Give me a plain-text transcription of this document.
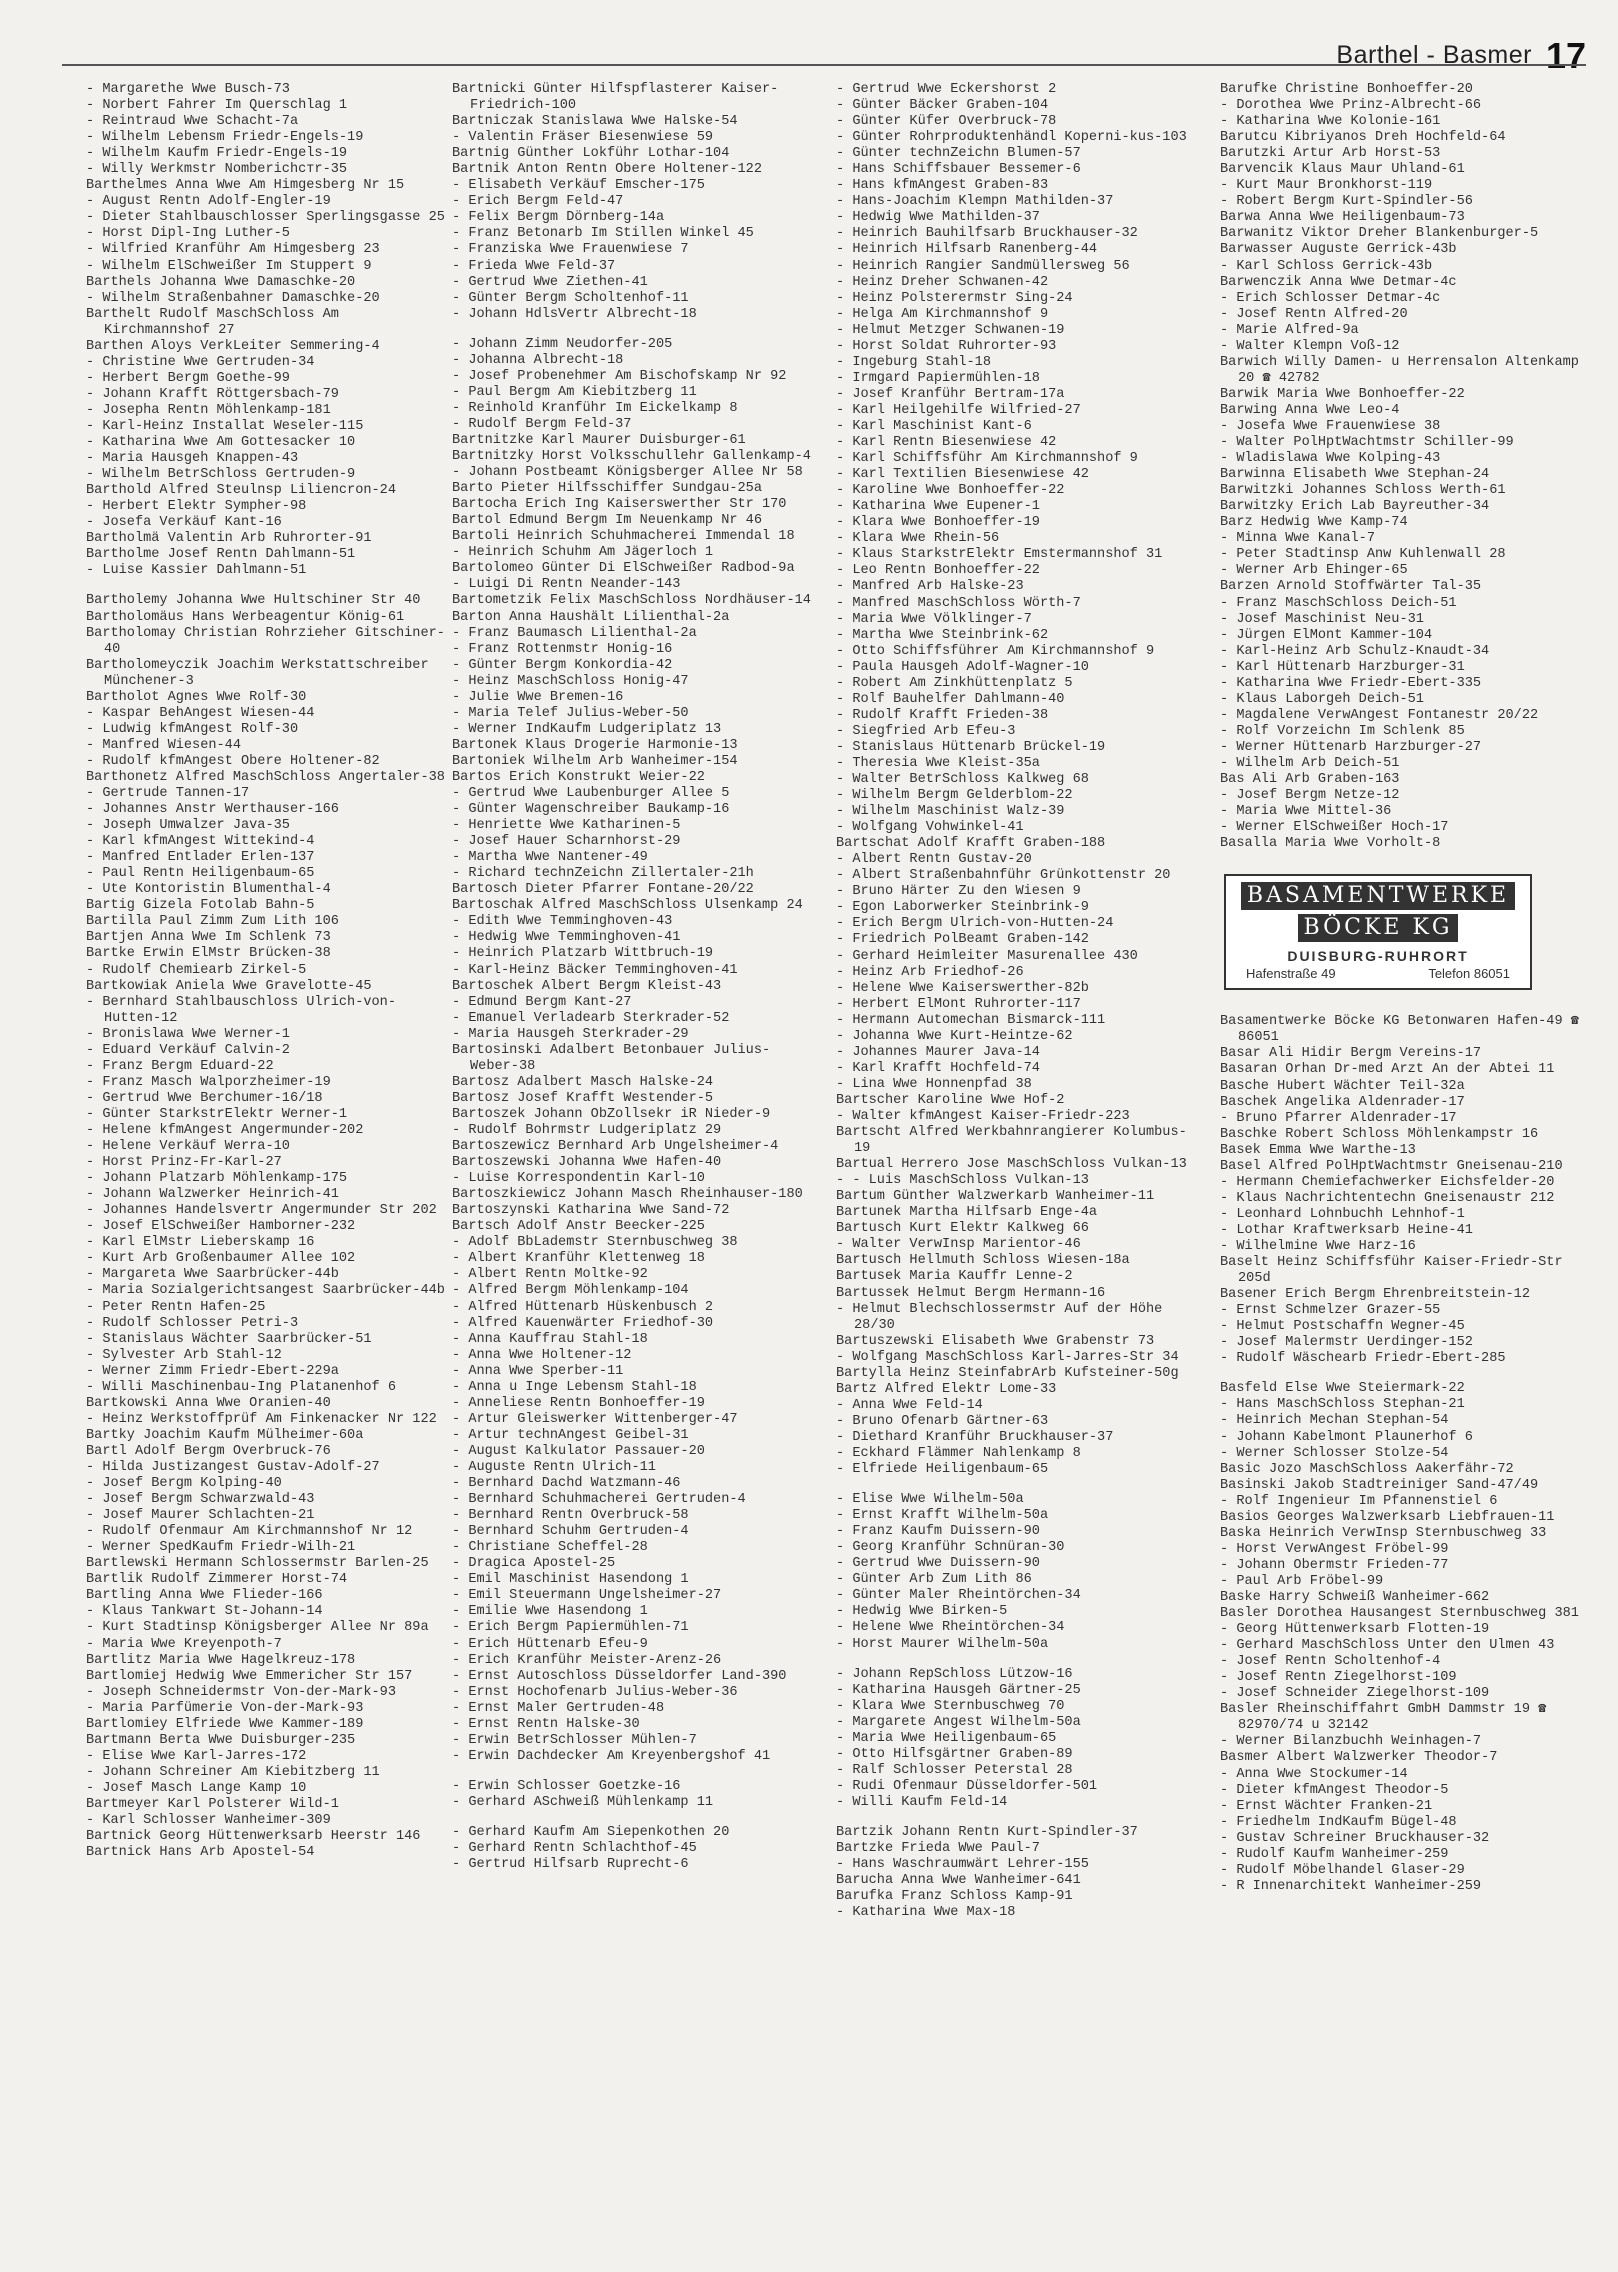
Barthel - Basmer 17
- Margarethe Wwe Busch-73
- Norbert Fahrer Im Querschlag 1
- Reintraud Wwe Schacht-7a
- Wilhelm Lebensm Friedr-Engels-19
- Wilhelm Kaufm Friedr-Engels-19
- Willy Werkmstr Nomberichстr-35
Barthelmes Anna Wwe Am Himgesberg Nr 15
- August Rentn Adolf-Engler-19
- Dieter Stahlbauschlosser Sperlingsgasse 25
- Horst Dipl-Ing Luther-5
- Wilfried Kranführ Am Himgesberg 23
- Wilhelm ElSchweißer Im Stuppert 9
Barthels Johanna Wwe Damaschke-20
- Wilhelm Straßenbahner Damaschke-20
Barthelt Rudolf MaschSchloss Am Kirchmannshof 27
Barthen Aloys VerkLeiter Semmering-4
- Christine Wwe Gertruden-34
- Herbert Bergm Goethe-99
- Johann Krafft Röttgersbach-79
- Josepha Rentn Möhlenkamp-181
- Karl-Heinz Installat Weseler-115
- Katharina Wwe Am Gottesacker 10
- Maria Hausgeh Knappen-43
- Wilhelm BetrSchloss Gertruden-9
Barthold Alfred Steulnsp Liliencron-24
- Herbert Elektr Sympher-98
- Josefa Verkäuf Kant-16
Bartholmä Valentin Arb Ruhrorter-91
Bartholme Josef Rentn Dahlmann-51
- Luise Kassier Dahlmann-51
Bartholemy Johanna Wwe Hultschiner Str 40
Bartholomäus Hans Werbeagentur König-61
Bartholomay Christian Rohrzieher Gitschiner-40
Bartholomeyczik Joachim Werkstattschreiber Münchener-3
Bartholot Agnes Wwe Rolf-30
- Kaspar BehAngest Wiesen-44
- Ludwig kfmAngest Rolf-30
- Manfred Wiesen-44
- Rudolf kfmAngest Obere Holtener-82
Barthonetz Alfred MaschSchloss Angertaler-38
- Gertrude Tannen-17
- Johannes Anstr Werthauser-166
- Joseph Umwalzer Java-35
- Karl kfmAngest Wittekind-4
- Manfred Entlader Erlen-137
- Paul Rentn Heiligenbaum-65
- Ute Kontoristin Blumenthal-4
Bartig Gizela Fotolab Bahn-5
Bartilla Paul Zimm Zum Lith 106
Bartjen Anna Wwe Im Schlenk 73
Bartke Erwin ElMstr Brücken-38
- Rudolf Chemiearb Zirkel-5
Bartkowiak Aniela Wwe Gravelotte-45
- Bernhard Stahlbauschloss Ulrich-von-Hutten-12
- Bronislawa Wwe Werner-1
- Eduard Verkäuf Calvin-2
- Franz Bergm Eduard-22
- Franz Masch Walporzheimer-19
- Gertrud Wwe Berchumer-16/18
- Günter StarkstrElektr Werner-1
- Helene kfmAngest Angermunder-202
- Helene Verkäuf Werra-10
- Horst Prinz-Fr-Karl-27
- Johann Platzarb Möhlenkamp-175
- Johann Walzwerker Heinrich-41
- Johannes Handelsvertr Angermunder Str 202
- Josef ElSchweißer Hamborner-232
- Karl ElMstr Lieberskamp 16
- Kurt Arb Großenbaumer Allee 102
- Margareta Wwe Saarbrücker-44b
- Maria Sozialgerichtsangest Saarbrücker-44b
- Peter Rentn Hafen-25
- Rudolf Schlosser Petri-3
- Stanislaus Wächter Saarbrücker-51
- Sylvester Arb Stahl-12
- Werner Zimm Friedr-Ebert-229a
- Willi Maschinenbau-Ing Platanenhof 6
Bartkowski Anna Wwe Oranien-40
- Heinz Werkstoffprüf Am Finkenacker Nr 122
Bartky Joachim Kaufm Mülheimer-60a
Bartl Adolf Bergm Overbruck-76
- Hilda Justizangest Gustav-Adolf-27
- Josef Bergm Kolping-40
- Josef Bergm Schwarzwald-43
- Josef Maurer Schlachten-21
- Rudolf Ofenmaur Am Kirchmannshof Nr 12
- Werner SpedKaufm Friedr-Wilh-21
Bartlewski Hermann Schlossermstr Barlen-25
Bartlik Rudolf Zimmerer Horst-74
Bartling Anna Wwe Flieder-166
- Klaus Tankwart St-Johann-14
- Kurt Stadtinsp Königsberger Allee Nr 89a
- Maria Wwe Kreyenpoth-7
Bartlitz Maria Wwe Hagelkreuz-178
Bartlomiej Hedwig Wwe Emmericher Str 157
- Joseph Schneidermstr Von-der-Mark-93
- Maria Parfümerie Von-der-Mark-93
Bartlomiey Elfriede Wwe Kammer-189
Bartmann Berta Wwe Duisburger-235
- Elise Wwe Karl-Jarres-172
- Johann Schreiner Am Kiebitzberg 11
- Josef Masch Lange Kamp 10
Bartmeyer Karl Polsterer Wild-1
- Karl Schlosser Wanheimer-309
Bartnick Georg Hüttenwerksarb Heerstr 146
Bartnick Hans Arb Apostel-54
Bartnicki Günter Hilfspflasterer Kaiser-Friedrich-100
Bartniczak Stanislawa Wwe Halske-54
- Valentin Fräser Biesenwiese 59
Bartnig Günther Lokführ Lothar-104
Bartnik Anton Rentn Obere Holtener-122
- Elisabeth Verkäuf Emscher-175
- Erich Bergm Feld-47
- Felix Bergm Dörnberg-14a
- Franz Betonarb Im Stillen Winkel 45
- Franziska Wwe Frauenwiese 7
- Frieda Wwe Feld-37
- Gertrud Wwe Ziethen-41
- Günter Bergm Scholtenhof-11
- Johann HdlsVertr Albrecht-18
- Johann Zimm Neudorfer-205
- Johanna Albrecht-18
- Josef Probenehmer Am Bischofskamp Nr 92
- Paul Bergm Am Kiebitzberg 11
- Reinhold Kranführ Im Eickelkamp 8
- Rudolf Bergm Feld-37
Bartnitzke Karl Maurer Duisburger-61
Bartnitzky Horst Volksschullehr Gallenkamp-4
- Johann Postbeamt Königsberger Allee Nr 58
Barto Pieter Hilfsschiffer Sundgau-25a
Bartocha Erich Ing Kaiserswerther Str 170
Bartol Edmund Bergm Im Neuenkamp Nr 46
Bartoli Heinrich Schuhmacherei Immendal 18
- Heinrich Schuhm Am Jägerloch 1
Bartolomeo Günter Di ElSchweißer Radbod-9a
- Luigi Di Rentn Neander-143
Bartometzik Felix MaschSchloss Nordhäuser-14
Barton Anna Haushält Lilienthal-2a
- Franz Baumasch Lilienthal-2a
- Franz Rottenmstr Honig-16
- Günter Bergm Konkordia-42
- Heinz MaschSchloss Honig-47
- Julie Wwe Bremen-16
- Maria Telef Julius-Weber-50
- Werner IndKaufm Ludgeriplatz 13
Bartonek Klaus Drogerie Harmonie-13
Bartoniek Wilhelm Arb Wanheimer-154
Bartos Erich Konstrukt Weier-22
- Gertrud Wwe Laubenburger Allee 5
- Günter Wagenschreiber Baukamp-16
- Henriette Wwe Katharinen-5
- Josef Hauer Scharnhorst-29
- Martha Wwe Nantener-49
- Richard technZeichn Zillertaler-21h
Bartosch Dieter Pfarrer Fontane-20/22
Bartoschak Alfred MaschSchloss Ulsenkamp 24
- Edith Wwe Temminghoven-43
- Hedwig Wwe Temminghoven-41
- Heinrich Platzarb Wittbruch-19
- Karl-Heinz Bäcker Temminghoven-41
Bartoschek Albert Bergm Kleist-43
- Edmund Bergm Kant-27
- Emanuel Verladearb Sterkrader-52
- Maria Hausgeh Sterkrader-29
Bartosinski Adalbert Betonbauer Julius-Weber-38
Bartosz Adalbert Masch Halske-24
Bartosz Josef Krafft Westender-5
Bartoszek Johann ObZollsekr iR Nieder-9
- Rudolf Bohrmstr Ludgeriplatz 29
Bartoszewicz Bernhard Arb Ungelsheimer-4
Bartoszewski Johanna Wwe Hafen-40
- Luise Korrespondentin Karl-10
Bartoszkiewicz Johann Masch Rheinhauser-180
Bartoszynski Katharina Wwe Sand-72
Bartsch Adolf Anstr Beecker-225
- Adolf BbLademstr Sternbuschweg 38
- Albert Kranführ Klettenweg 18
- Albert Rentn Moltke-92
- Alfred Bergm Möhlenkamp-104
- Alfred Hüttenarb Hüskenbusch 2
- Alfred Kauenwärter Friedhof-30
- Anna Kauffrau Stahl-18
- Anna Wwe Holtener-12
- Anna Wwe Sperber-11
- Anna u Inge Lebensm Stahl-18
- Anneliese Rentn Bonhoeffer-19
- Artur Gleiswerker Wittenberger-47
- Artur technAngest Geibel-31
- August Kalkulator Passauer-20
- Auguste Rentn Ulrich-11
- Bernhard Dachd Watzmann-46
- Bernhard Schuhmacherei Gertruden-4
- Bernhard Rentn Overbruck-58
- Bernhard Schuhm Gertruden-4
- Christiane Scheffel-28
- Dragica Apostel-25
- Emil Maschinist Hasendong 1
- Emil Steuermann Ungelsheimer-27
- Emilie Wwe Hasendong 1
- Erich Bergm Papiermühlen-71
- Erich Hüttenarb Efeu-9
- Erich Kranführ Meister-Arenz-26
- Ernst Autoschloss Düsseldorfer Land-390
- Ernst Hochofenarb Julius-Weber-36
- Ernst Maler Gertruden-48
- Ernst Rentn Halske-30
- Erwin BetrSchlosser Mühlen-7
- Erwin Dachdecker Am Kreyenbergshof 41
- Erwin Schlosser Goetzke-16
- Gerhard ASchweiß Mühlenkamp 11
- Gerhard Kaufm Am Siepenkothen 20
- Gerhard Rentn Schlachthof-45
- Gertrud Hilfsarb Ruprecht-6
- Gertrud Wwe Eckershorst 2
- Günter Bäcker Graben-104
- Günter Küfer Overbruck-78
- Günter Rohrproduktenhändl Koperni-kus-103
- Günter technZeichn Blumen-57
- Hans Schiffsbauer Bessemer-6
- Hans kfmAngest Graben-83
- Hans-Joachim Klempn Mathilden-37
- Hedwig Wwe Mathilden-37
- Heinrich Bauhilfsarb Bruckhauser-32
- Heinrich Hilfsarb Ranenberg-44
- Heinrich Rangier Sandmüllersweg 56
- Heinz Dreher Schwanen-42
- Heinz Polsterermstr Sing-24
- Helga Am Kirchmannshof 9
- Helmut Metzger Schwanen-19
- Horst Soldat Ruhrorter-93
- Ingeburg Stahl-18
- Irmgard Papiermühlen-18
- Josef Kranführ Bertram-17a
- Karl Heilgehilfe Wilfried-27
- Karl Maschinist Kant-6
- Karl Rentn Biesenwiese 42
- Karl Schiffsführ Am Kirchmannshof 9
- Karl Textilien Biesenwiese 42
- Karoline Wwe Bonhoeffer-22
- Katharina Wwe Eupener-1
- Klara Wwe Bonhoeffer-19
- Klara Wwe Rhein-56
- Klaus StarkstrElektr Emstermannshof 31
- Leo Rentn Bonhoeffer-22
- Manfred Arb Halske-23
- Manfred MaschSchloss Wörth-7
- Maria Wwe Völklinger-7
- Martha Wwe Steinbrink-62
- Otto Schiffsführer Am Kirchmannshof 9
- Paula Hausgeh Adolf-Wagner-10
- Robert Am Zinkhüttenplatz 5
- Rolf Bauhelfer Dahlmann-40
- Rudolf Krafft Frieden-38
- Siegfried Arb Efeu-3
- Stanislaus Hüttenarb Brückel-19
- Theresia Wwe Kleist-35a
- Walter BetrSchloss Kalkweg 68
- Wilhelm Bergm Gelderblom-22
- Wilhelm Maschinist Walz-39
- Wolfgang Vohwinkel-41
Bartschat Adolf Krafft Graben-188
- Albert Rentn Gustav-20
- Albert Straßenbahnführ Grünkottenstr 20
- Bruno Härter Zu den Wiesen 9
- Egon Laborwerker Steinbrink-9
- Erich Bergm Ulrich-von-Hutten-24
- Friedrich PolBeamt Graben-142
- Gerhard Heimleiter Masurenallee 430
- Heinz Arb Friedhof-26
- Helene Wwe Kaiserswerther-82b
- Herbert ElMont Ruhrorter-117
- Hermann Automechan Bismarck-111
- Johanna Wwe Kurt-Heintze-62
- Johannes Maurer Java-14
- Karl Krafft Hochfeld-74
- Lina Wwe Honnenpfad 38
Bartscher Karoline Wwe Hof-2
- Walter kfmAngest Kaiser-Friedr-223
Bartscht Alfred Werkbahnrangierer Kolumbus-19
Bartual Herrero Jose MaschSchloss Vulkan-13
- - Luis MaschSchloss Vulkan-13
Bartum Günther Walzwerkarb Wanheimer-11
Bartunek Martha Hilfsarb Enge-4a
Bartusch Kurt Elektr Kalkweg 66
- Walter VerwInsp Marientor-46
Bartusch Hellmuth Schloss Wiesen-18a
Bartusek Maria Kauffr Lenne-2
Bartussek Helmut Bergm Hermann-16
- Helmut Blechschlossermstr Auf der Höhe 28/30
Bartuszewski Elisabeth Wwe Grabenstr 73
- Wolfgang MaschSchloss Karl-Jarres-Str 34
Bartylla Heinz SteinfabrArb Kufsteiner-50g
Bartz Alfred Elektr Lome-33
- Anna Wwe Feld-14
- Bruno Ofenarb Gärtner-63
- Diethard Kranführ Bruckhauser-37
- Eckhard Flämmer Nahlenkamp 8
- Elfriede Heiligenbaum-65
- Elise Wwe Wilhelm-50a
- Ernst Krafft Wilhelm-50a
- Franz Kaufm Duissern-90
- Georg Kranführ Schnüran-30
- Gertrud Wwe Duissern-90
- Günter Arb Zum Lith 86
- Günter Maler Rheintörchen-34
- Hedwig Wwe Birken-5
- Helene Wwe Rheintörchen-34
- Horst Maurer Wilhelm-50a
- Johann RepSchloss Lützow-16
- Katharina Hausgeh Gärtner-25
- Klara Wwe Sternbuschweg 70
- Margarete Angest Wilhelm-50a
- Maria Wwe Heiligenbaum-65
- Otto Hilfsgärtner Graben-89
- Ralf Schlosser Peterstal 28
- Rudi Ofenmaur Düsseldorfer-501
- Willi Kaufm Feld-14
Bartzik Johann Rentn Kurt-Spindler-37
Bartzke Frieda Wwe Paul-7
- Hans Waschraumwärt Lehrer-155
Barucha Anna Wwe Wanheimer-641
Barufka Franz Schloss Kamp-91
- Katharina Wwe Max-18
Barufke Christine Bonhoeffer-20
- Dorothea Wwe Prinz-Albrecht-66
- Katharina Wwe Kolonie-161
Barutcu Kibriyanos Dreh Hochfeld-64
Barutzki Artur Arb Horst-53
Barvencik Klaus Maur Uhland-61
- Kurt Maur Bronkhorst-119
- Robert Bergm Kurt-Spindler-56
Barwa Anna Wwe Heiligenbaum-73
Barwanitz Viktor Dreher Blankenburger-5
Barwasser Auguste Gerrick-43b
- Karl Schloss Gerrick-43b
Barwenczik Anna Wwe Detmar-4c
- Erich Schlosser Detmar-4c
- Josef Rentn Alfred-20
- Marie Alfred-9a
- Walter Klempn Voß-12
Barwich Willy Damen- u Herrensalon Altenkamp 20 ☎ 42782
Barwik Maria Wwe Bonhoeffer-22
Barwing Anna Wwe Leo-4
- Josefa Wwe Frauenwiese 38
- Walter PolHptWachtmstr Schiller-99
- Wladislawa Wwe Kolping-43
Barwinna Elisabeth Wwe Stephan-24
Barwitzki Johannes Schloss Werth-61
Barwitzky Erich Lab Bayreuther-34
Barz Hedwig Wwe Kamp-74
- Minna Wwe Kanal-7
- Peter Stadtinsp Anw Kuhlenwall 28
- Werner Arb Ehinger-65
Barzen Arnold Stoffwärter Tal-35
- Franz MaschSchloss Deich-51
- Josef Maschinist Neu-31
- Jürgen ElMont Kammer-104
- Karl-Heinz Arb Schulz-Knaudt-34
- Karl Hüttenarb Harzburger-31
- Katharina Wwe Friedr-Ebert-335
- Klaus Laborgeh Deich-51
- Magdalene VerwAngest Fontanestr 20/22
- Rolf Vorzeichn Im Schlenk 85
- Werner Hüttenarb Harzburger-27
- Wilhelm Arb Deich-51
Bas Ali Arb Graben-163
- Josef Bergm Netze-12
- Maria Wwe Mittel-36
- Werner ElSchweißer Hoch-17
Basalla Maria Wwe Vorholt-8
BASAMENTWERKE
BÖCKE KG
DUISBURG-RUHRORT
Hafenstraße 49	Telefon 86051
Basamentwerke Böcke KG Betonwaren Hafen-49 ☎ 86051
Basar Ali Hidir Bergm Vereins-17
Basaran Orhan Dr-med Arzt An der Abtei 11
Basche Hubert Wächter Teil-32a
Baschek Angelika Aldenrader-17
- Bruno Pfarrer Aldenrader-17
Baschke Robert Schloss Möhlenkampstr 16
Basek Emma Wwe Warthe-13
Basel Alfred PolHptWachtmstr Gneisenau-210
- Hermann Chemiefachwerker Eichsfelder-20
- Klaus Nachrichtentechn Gneisenaustr 212
- Leonhard Lohnbuchh Lehnhof-1
- Lothar Kraftwerksarb Heine-41
- Wilhelmine Wwe Harz-16
Baselt Heinz Schiffsführ Kaiser-Friedr-Str 205d
Basener Erich Bergm Ehrenbreitstein-12
- Ernst Schmelzer Grazer-55
- Helmut Postschaffn Wegner-45
- Josef Malermstr Uerdinger-152
- Rudolf Wäschearb Friedr-Ebert-285
Basfeld Else Wwe Steiermark-22
- Hans MaschSchloss Stephan-21
- Heinrich Mechan Stephan-54
- Johann Kabelmont Plaunerhof 6
- Werner Schlosser Stolze-54
Basic Jozo MaschSchloss Aakerfähr-72
Basinski Jakob Stadtreiniger Sand-47/49
- Rolf Ingenieur Im Pfannenstiel 6
Basios Georges Walzwerksarb Liebfrauen-11
Baska Heinrich VerwInsp Sternbuschweg 33
- Horst VerwAngest Fröbel-99
- Johann Obermstr Frieden-77
- Paul Arb Fröbel-99
Baske Harry Schweiß Wanheimer-662
Basler Dorothea Hausangest Sternbuschweg 381
- Georg Hüttenwerksarb Flotten-19
- Gerhard MaschSchloss Unter den Ulmen 43
- Josef Rentn Scholtenhof-4
- Josef Rentn Ziegelhorst-109
- Josef Schneider Ziegelhorst-109
Basler Rheinschiffahrt GmbH Dammstr 19 ☎ 82970/74 u 32142
- Werner Bilanzbuchh Weinhagen-7
Basmer Albert Walzwerker Theodor-7
- Anna Wwe Stockumer-14
- Dieter kfmAngest Theodor-5
- Ernst Wächter Franken-21
- Friedhelm IndKaufm Bügel-48
- Gustav Schreiner Bruckhauser-32
- Rudolf Kaufm Wanheimer-259
- Rudolf Möbelhandel Glaser-29
- R Innenarchitekt Wanheimer-259
